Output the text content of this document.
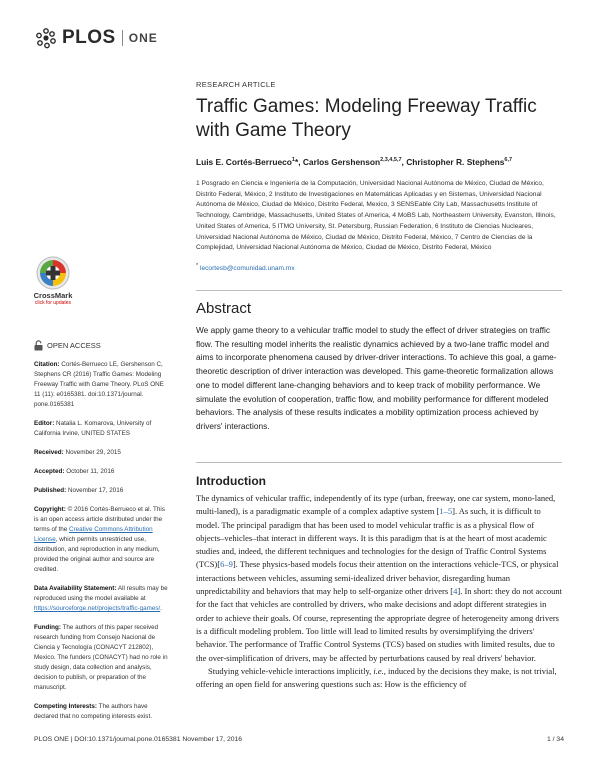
PLOS ONE
CrossMark
click for updates
OPEN ACCESS

Citation: Cortés-Berrueco LE, Gershenson C, Stephens CR (2016) Traffic Games: Modeling Freeway Traffic with Game Theory. PLoS ONE 11 (11): e0165381. doi:10.1371/journal. pone.0165381

Editor: Natalia L. Komarova, University of California Irvine, UNITED STATES

Received: November 29, 2015

Accepted: October 11, 2016

Published: November 17, 2016

Copyright: © 2016 Cortés-Berrueco et al. This is an open access article distributed under the terms of the Creative Commons Attribution License, which permits unrestricted use, distribution, and reproduction in any medium, provided the original author and source are credited.

Data Availability Statement: All results may be reproduced using the model available at https://sourceforge.net/projects/traffic-games/.

Funding: The authors of this paper received research funding from Consejo Nacional de Ciencia y Tecnología (CONACYT 212802), Mexico. The funders (CONACYT) had no role in study design, data collection and analysis, decision to publish, or preparation of the manuscript.

Competing Interests: The authors have declared that no competing interests exist.

RESEARCH ARTICLE
Traffic Games: Modeling Freeway Traffic with Game Theory
Luis E. Cortés-Berrueco$^1$*, Carlos Gershenson$^{2,3,4,5,7}$, Christopher R. Stephens$^{6,7}$
1 Posgrado en Ciencia e Ingeniería de la Computación, Universidad Nacional Autónoma de México, Ciudad de México, Distrito Federal, México, 2 Instituto de Investigaciones en Matemáticas Aplicadas y en Sistemas, Universidad Nacional Autónoma de México, Ciudad de México, Distrito Federal, Mexico, 3 SENSEable City Lab, Massachusetts Institute of Technology, Cambridge, Massachusetts, United States of America, 4 MoBS Lab, Northeastern University, Evanston, Illinois, United States of America, 5 ITMO University, St. Petersburg, Russian Federation, 6 Instituto de Ciencias Nucleares, Universidad Nacional Autónoma de México, Ciudad de México, Distrito Federal, México, 7 Centro de Ciencias de la Complejidad, Universidad Nacional Autónoma de México, Ciudad de México, Distrito Federal, México
* lecortesb@comunidad.unam.mx
Abstract
We apply game theory to a vehicular traffic model to study the effect of driver strategies on traffic flow. The resulting model inherits the realistic dynamics achieved by a two-lane traffic model and aims to incorporate phenomena caused by driver-driver interactions. To achieve this goal, a game-theoretic description of driver interaction was developed. This game-theoretic formalization allows one to model different lane-changing behaviors and to keep track of mobility performance. We simulate the evolution of cooperation, traffic flow, and mobility performance for different modeled behaviors. The analysis of these results indicates a mobility optimization process achieved by drivers' interactions.
Introduction

The dynamics of vehicular traffic, independently of its type (urban, freeway, one car system, mono-laned, multi-laned), is a paradigmatic example of a complex adaptive system [1–5]. As such, it is difficult to model. The principal paradigm that has been used to model vehicular traffic is as a physical flow of objects–vehicles–that interact in different ways. It is this paradigm that is at the heart of most academic studies and, indeed, the different techniques and technologies for the design of Traffic Control Systems (TCS)[6–9]. These physics-based models focus their attention on the interactions vehicle-TCS, or physical interactions between vehicles, assuming semi-idealized driver behavior, disregarding human unpredictability and behaviors that may help to self-organize other drivers [4]. In short: they do not account for the fact that vehicles are controlled by drivers, who make decisions and adopt different strategies in order to achieve their goals. Of course, representing the appropriate degree of heterogeneity among drivers is a difficult modeling problem. Too little will lead to limited results by oversimplifying the drivers' behavior. The performance of Traffic Control Systems (TCS) based on studies with limited results, due to the over-simplification of drivers, may be affected by perturbations caused by real drivers' behavior.

Studying vehicle-vehicle interactions implicitly, i.e., induced by the decisions they make, is not trivial, offering an open field for answering questions such as: How is the efficiency of

PLOS ONE | DOI:10.1371/journal.pone.0165381 November 17, 2016	1 / 34
